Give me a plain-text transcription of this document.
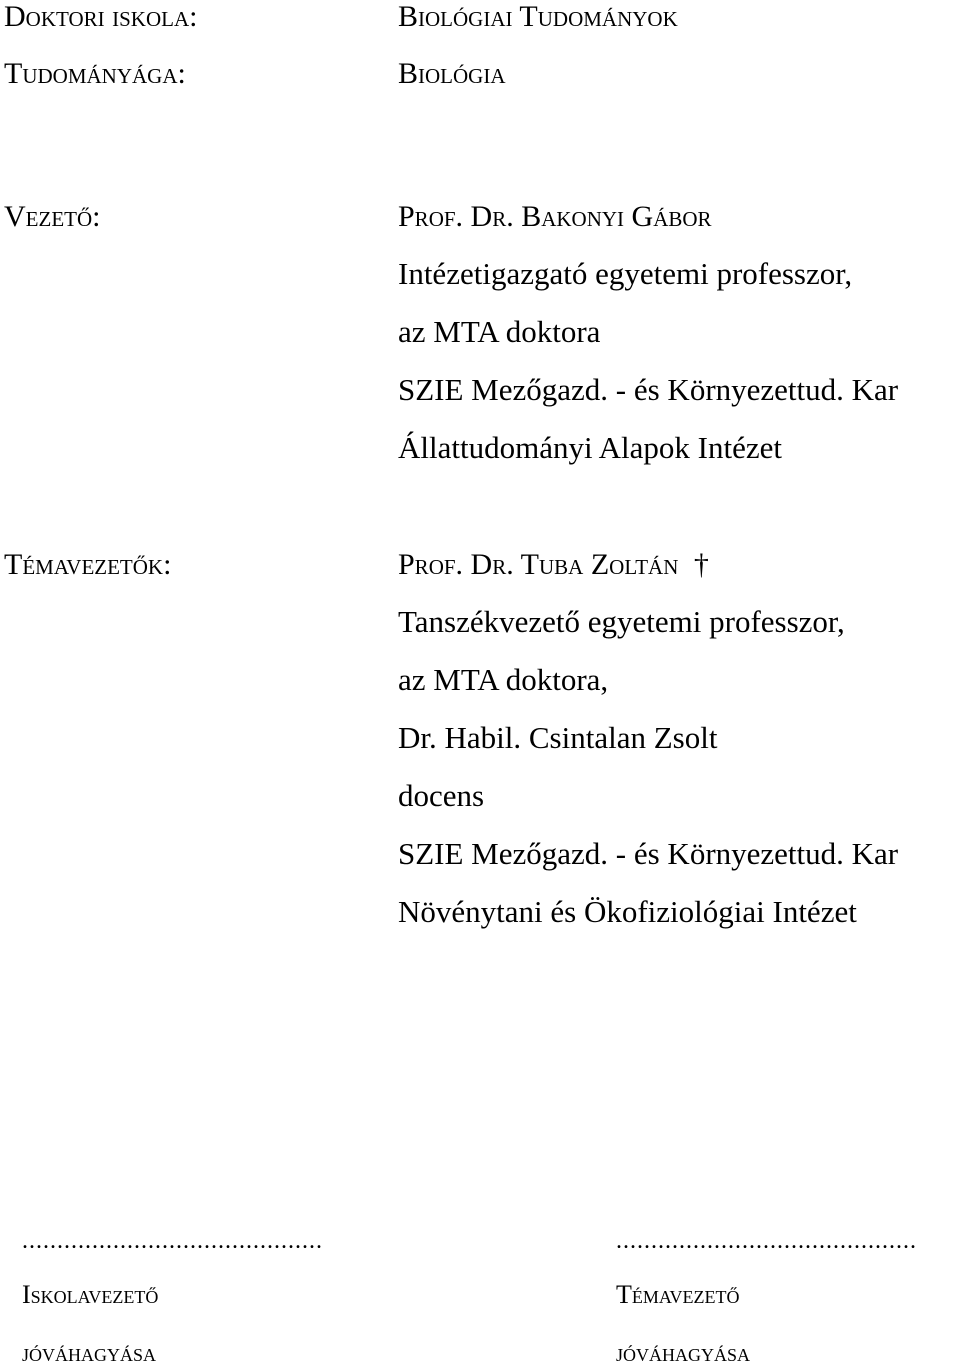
Doktori iskola:	Biológiai Tudományok
Tudományága:	Biológia
Vezető:	Prof. Dr. Bakonyi Gábor
Intézetigazgató egyetemi professzor,
az MTA doktora
SZIE Mezőgazd. - és Környezettud. Kar
Állattudományi Alapok Intézet
Témavezetők:	Prof. Dr. Tuba Zoltán †
Tanszékvezető egyetemi professzor,
az MTA doktora,
Dr. Habil. Csintalan Zsolt
docens
SZIE Mezőgazd. - és Környezettud. Kar
Növénytani és Ökofiziológiai Intézet
...........................................
Iskolavezető
jóváhagyása
...........................................
Témavezető
jóváhagyása
